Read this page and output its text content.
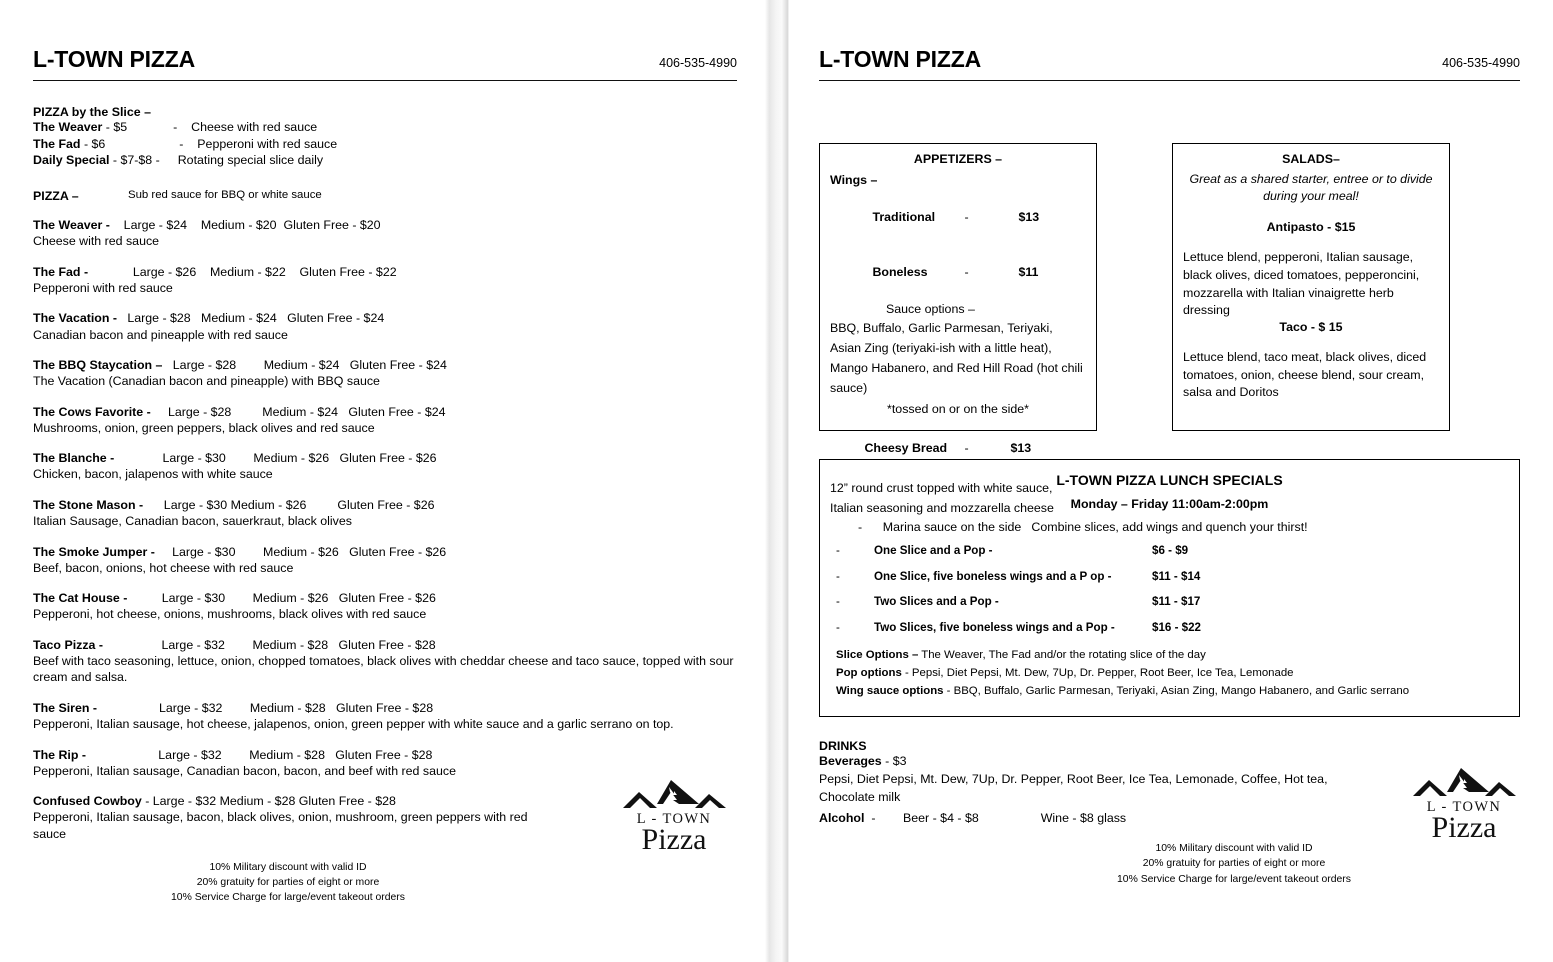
L-TOWN PIZZA	406-535-4990
PIZZA by the Slice –
The Weaver - $5	-	Cheese with red sauce
The Fad - $6	-	Pepperoni with red sauce
Daily Special - $7-$8 - Rotating special slice daily
PIZZA –	Sub red sauce for BBQ or white sauce
The Weaver -    Large - $24    Medium - $20  Gluten Free - $20
Cheese with red sauce
The Fad -             Large - $26    Medium - $22    Gluten Free - $22
Pepperoni with red sauce
The Vacation -   Large - $28   Medium - $24   Gluten Free - $24
Canadian bacon and pineapple with red sauce
The BBQ Staycation –   Large - $28        Medium - $24   Gluten Free - $24
The Vacation (Canadian bacon and pineapple) with BBQ sauce
The Cows Favorite -     Large - $28         Medium - $24   Gluten Free - $24
Mushrooms, onion, green peppers, black olives and red sauce
The Blanche -              Large - $30        Medium - $26   Gluten Free - $26
Chicken, bacon, jalapenos with white sauce
The Stone Mason -      Large - $30 Medium - $26         Gluten Free - $26
Italian Sausage, Canadian bacon, sauerkraut, black olives
The Smoke Jumper -     Large - $30        Medium - $26   Gluten Free - $26
Beef, bacon, onions, hot cheese with red sauce
The Cat House -          Large - $30        Medium - $26   Gluten Free - $26
Pepperoni, hot cheese, onions, mushrooms, black olives with red sauce
Taco Pizza -                 Large - $32        Medium - $28   Gluten Free - $28
Beef with taco seasoning, lettuce, onion, chopped tomatoes, black olives with cheddar cheese and taco sauce, topped with sour cream and salsa.
The Siren -                  Large - $32        Medium - $28   Gluten Free - $28
Pepperoni, Italian sausage, hot cheese, jalapenos, onion, green pepper with white sauce and a garlic serrano on top.
The Rip -                     Large - $32        Medium - $28   Gluten Free - $28
Pepperoni, Italian sausage, Canadian bacon, bacon, and beef with red sauce
Confused Cowboy - Large - $32 Medium - $28 Gluten Free - $28
Pepperoni, Italian sausage, bacon, black olives, onion, mushroom, green peppers with red sauce
10% Military discount with valid ID
20% gratuity for parties of eight or more
10% Service Charge for large/event takeout orders
L - TOWN
Pizza
L-TOWN PIZZA	406-535-4990
APPETIZERS –
Wings –

Traditional -	$13

Boneless	-	$11

Sauce options –
BBQ, Buffalo, Garlic Parmesan, Teriyaki, Asian Zing (teriyaki-ish with a little heat), Mango Habanero, and Red Hill Road (hot chili sauce)
*tossed on or on the side*

Cheesy Bread -	$13

12” round crust topped with white sauce, Italian seasoning and mozzarella cheese
-      Marina sauce on the side
SALADS–
Great as a shared starter, entree or to divide during your meal!
Antipasto - $15
Lettuce blend, pepperoni, Italian sausage, black olives, diced tomatoes, pepperoncini, mozzarella with Italian vinaigrette herb dressing
Taco - $ 15
Lettuce blend, taco meat, black olives, diced tomatoes, onion, cheese blend, sour cream, salsa and Doritos
L-TOWN PIZZA LUNCH SPECIALS
Monday – Friday 11:00am-2:00pm
Combine slices, add wings and quench your thirst!
-	One Slice and a Pop -	$6 - $9
-	One Slice, five boneless wings and a P op -	$11 - $14
-	Two Slices and a Pop -	$11 - $17
-	Two Slices, five boneless wings and a Pop -	$16 - $22
Slice Options – The Weaver, The Fad and/or the rotating slice of the day
Pop options - Pepsi, Diet Pepsi, Mt. Dew, 7Up, Dr. Pepper, Root Beer, Ice Tea, Lemonade
Wing sauce options - BBQ, Buffalo, Garlic Parmesan, Teriyaki, Asian Zing, Mango Habanero, and Garlic serrano
DRINKS
Beverages - $3
Pepsi, Diet Pepsi, Mt. Dew, 7Up, Dr. Pepper, Root Beer, Ice Tea, Lemonade, Coffee, Hot tea, Chocolate milk
Alcohol - Beer - $4 - $8
	Wine - $8 glass
10% Military discount with valid ID
20% gratuity for parties of eight or more
10% Service Charge for large/event takeout orders
L - TOWN
Pizza
